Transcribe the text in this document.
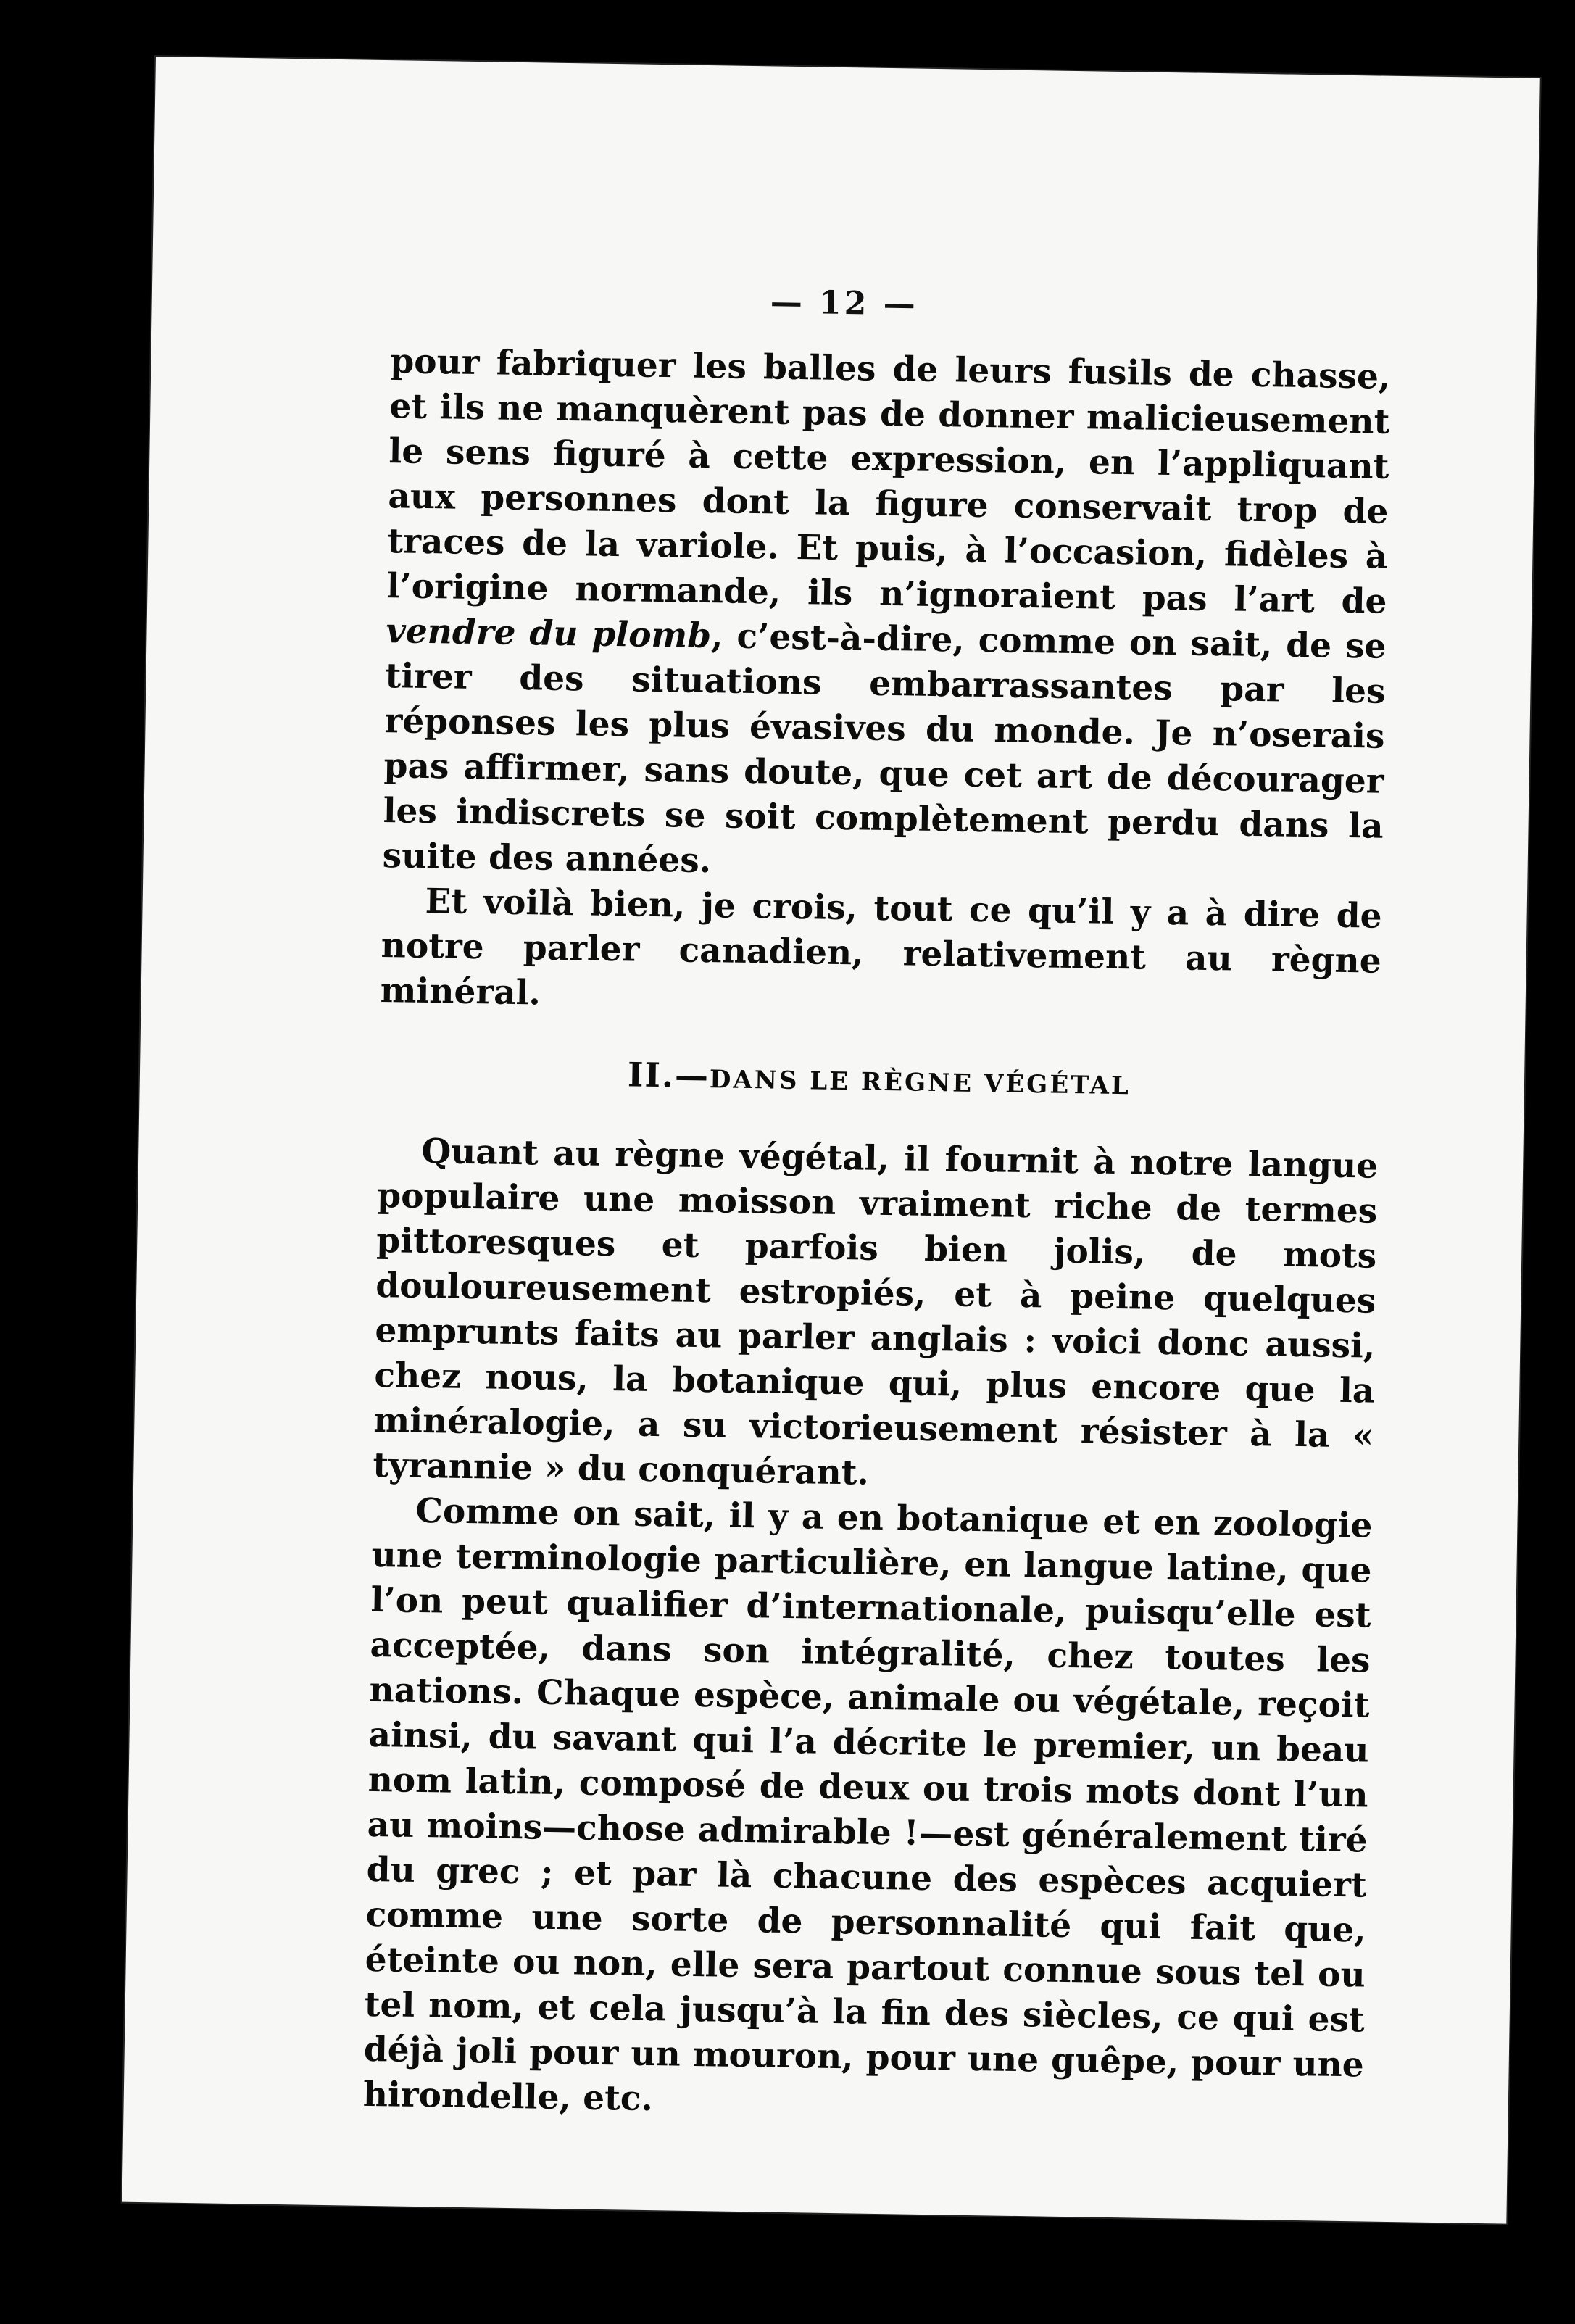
— 12 —

pour fabriquer les balles de leurs fusils de chasse, et ils ne manquèrent pas de donner malicieusement le sens figuré à cette expression, en l’appliquant aux personnes dont la figure conservait trop de traces de la variole. Et puis, à l’occasion, fidèles à l’origine normande, ils n’ignoraient pas l’art de vendre du plomb, c’est-à-dire, comme on sait, de se tirer des situations embarrassantes par les réponses les plus évasives du monde. Je n’oserais pas affirmer, sans doute, que cet art de décourager les indiscrets se soit complètement perdu dans la suite des années.

Et voilà bien, je crois, tout ce qu’il y a à dire de notre parler canadien, relativement au règne minéral.

II.—DANS LE RÈGNE VÉGÉTAL

Quant au règne végétal, il fournit à notre langue populaire une moisson vraiment riche de termes pittoresques et parfois bien jolis, de mots douloureusement estropiés, et à peine quelques emprunts faits au parler anglais : voici donc aussi, chez nous, la botanique qui, plus encore que la minéralogie, a su victorieusement résister à la « tyrannie » du conquérant.

Comme on sait, il y a en botanique et en zoologie une terminologie particulière, en langue latine, que l’on peut qualifier d’internationale, puisqu’elle est acceptée, dans son intégralité, chez toutes les nations. Chaque espèce, animale ou végétale, reçoit ainsi, du savant qui l’a décrite le premier, un beau nom latin, composé de deux ou trois mots dont l’un au moins—chose admirable !—est généralement tiré du grec ; et par là chacune des espèces acquiert comme une sorte de personnalité qui fait que, éteinte ou non, elle sera partout connue sous tel ou tel nom, et cela jusqu’à la fin des siècles, ce qui est déjà joli pour un mouron, pour une guêpe, pour une hirondelle, etc.
